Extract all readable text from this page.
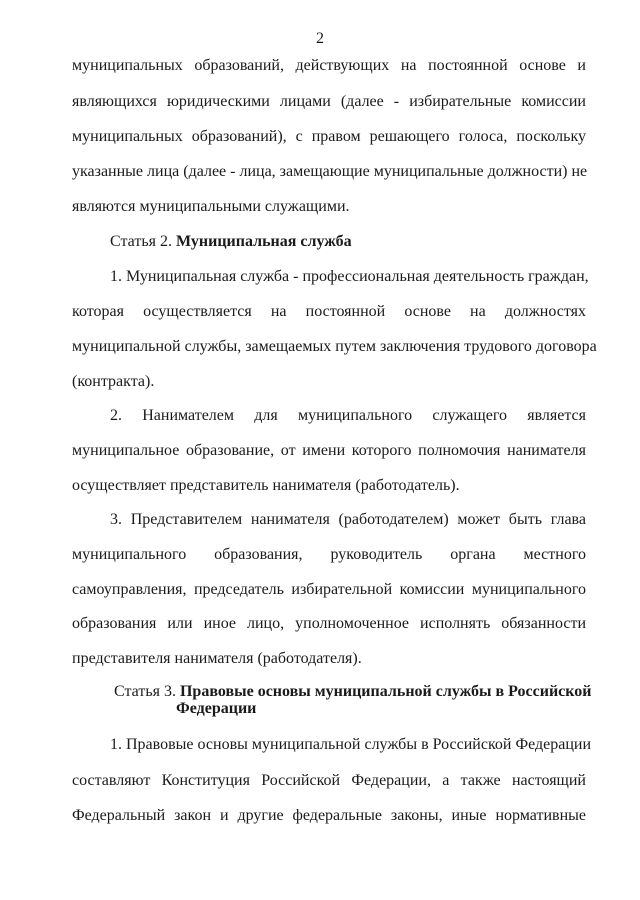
2
муниципальных образований, действующих на постоянной основе и
являющихся юридическими лицами (далее - избирательные комиссии
муниципальных образований), с правом решающего голоса, поскольку
указанные лица (далее - лица, замещающие муниципальные должности) не
являются муниципальными служащими.
Статья 2. Муниципальная служба
1. Муниципальная служба - профессиональная деятельность граждан,
которая осуществляется на постоянной основе на должностях
муниципальной службы, замещаемых путем заключения трудового договора
(контракта).
2. Нанимателем для муниципального служащего является
муниципальное образование, от имени которого полномочия нанимателя
осуществляет представитель нанимателя (работодатель).
3. Представителем нанимателя (работодателем) может быть глава
муниципального образования, руководитель органа местного
самоуправления, председатель избирательной комиссии муниципального
образования или иное лицо, уполномоченное исполнять обязанности
представителя нанимателя (работодателя).
Статья 3. Правовые основы муниципальной службы в Российской
Федерации
1. Правовые основы муниципальной службы в Российской Федерации
составляют Конституция Российской Федерации, а также настоящий
Федеральный закон и другие федеральные законы, иные нормативные
